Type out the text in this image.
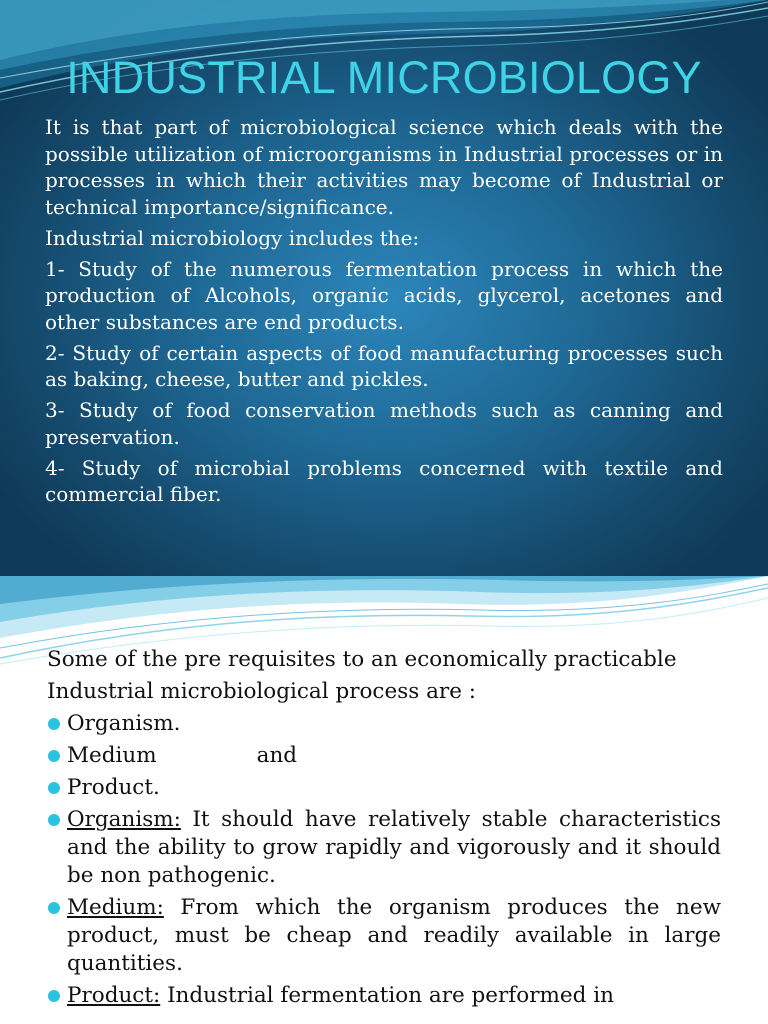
INDUSTRIAL MICROBIOLOGY

It is that part of microbiological science which deals with the possible utilization of microorganisms in Industrial processes or in processes in which their activities may become of Industrial or technical importance/significance.

Industrial microbiology includes the:

1- Study of the numerous fermentation process in which the production of Alcohols, organic acids, glycerol, acetones and other substances are end products.

2- Study of certain aspects of food manufacturing processes such as baking, cheese, butter and pickles.

3- Study of food conservation methods such as canning and preservation.

4- Study of microbial problems concerned with textile and commercial fiber.

Some of the pre requisites to an economically practicable

Industrial microbiological process are :

Organism.
Medium	and
Product.
Organism: It should have relatively stable characteristics and the ability to grow rapidly and vigorously and it should be non pathogenic.
Medium: From which the organism produces the new product, must be cheap and readily available in large quantities.
Product: Industrial fermentation are performed in
